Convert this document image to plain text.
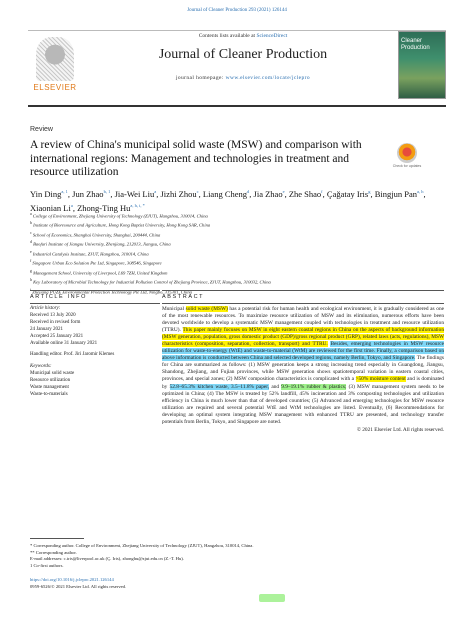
Journal of Cleaner Production 293 (2021) 126144
ELSEVIER
Contents lists available at ScienceDirect
Journal of Cleaner Production
journal homepage: www.elsevier.com/locate/jclepro
Cleaner Production
Review
A review of China's municipal solid waste (MSW) and comparison with international regions: Management and technologies in treatment and resource utilization	Check for updates
Yin Ding$^{a, 1}$, Jun Zhao$^{b, 1}$, Jia-Wei Liu$^a$, Jizhi Zhou$^c$, Liang Cheng$^d$, Jia Zhao$^e$, Zhe Shao$^f$, Çağatay Iris$^g$, Bingjun Pan$^{a, h}$, Xiaonian Li$^a$, Zhong-Ting $Hu^{a, h, i, *}$
$^a$ College of Environment, Zhejiang University of Technology (ZJUT), Hangzhou, 310014, China
$^b$ Institute of Bioresource and Agriculture, Hong Kong Baptist University, Hong Kong SAR, China
$^c$ School of Economics, Shanghai University, Shanghai, 200444, China
$^d$ Baofuri Institute of Jiangsu University, Zhenjiang, 212013, Jiangsu, China
$^e$ Industrial Catalysis Institute, ZJUT, Hangzhou, 310014, China
$^f$ Singapore Urban Eco Solution Pte Ltd, Singapore, 308546, Singapore
$^g$ Management School, University of Liverpool, L69 7ZH, United Kingdom
$^h$ Key Laboratory of Microbial Technology for Industrial Pollution Control of Zhejiang Province, ZJUT, Hangzhou, 310032, China
$^i$ Zhejiang PUZE Environmental Protection Technology Pte Ltd, Ningbo, 315301, China
ARTICLE INFO	ABSTRACT
Article history:
Received 13 July 2020
Received in revised form
24 January 2021
Accepted 25 January 2021
Available online 31 January 2021
Handling editor. Prof. Jiri Jaromir Klemes
Keywords:
Municipal solid waste
Resource utilization
Waste management
Waste-to-materials
Municipal solid waste (MSW) has a potential risk for human health and ecological environment, it is gradually considered as one of the most renewable resources. To maximize resource utilization of MSW and its elimination, numerous efforts have been devoted worldwide to develop a systematic MSW management coupled with technologies in treatment and resource utilization (TTRU). This paper mainly focuses on MSW in eight eastern coastal regions in China on the aspects of background information (MSW generation, population, gross domestic product (GDP)/gross regional product (GRP), related laws (acts, regulations), MSW characteristics (composition, separation, collection, transport) and TTRU. Besides, emerging technologies in MSW resource utilization for waste-to-energy (WtE) and waste-to-material (WtM) are reviewed for the first time. Finally, a comparison based on above information is conducted between China and selected developed regions, namely Berlin, Tokyo, and Singapore. The findings for China are summarized as follows: (1) MSW generation keeps a strong increasing trend especially in Guangdong, Jiangsu, Shandong, Zhejiang, and Fujian provinces, while MSW generation shows spatiotemporal variation in eastern coastal cities, provinces, and special zones; (2) MSW composition characteristics is complicated with a >50% moisture content and is dominated by 52.8–65.3% kitchen waste, 3.5–11.8% paper, and 9.9–19.1% rubber & plastics; (3) MSW management system needs to be optimized in China; (4) The MSW is treated by 52% landfill, 45% incineration and 3% composting technologies and utilization efficiency in China is much lower than that of developed countries; (5) Advanced and emerging technologies for MSW resource utilization are required and several potential WtE and WtM technologies are listed. Eventually, (6) Recommendations for developing an optimal system integrating MSW management with enhanced TTRU are presented, and technology transfer potentials from Berlin, Tokyo, and Singapore are noted.
© 2021 Elsevier Ltd. All rights reserved.
* Corresponding author. College of Environment, Zhejiang University of Technology (ZJUT), Hangzhou, 310014, China.
** Corresponding author.
E-mail addresses: c.iris@liverpool.ac.uk (Ç. Iris), zhonghu@zjut.edu.cn (Z.-T. Hu).
1 Co-first authors.
https://doi.org/10.1016/j.jclepro.2021.126144
0959-6526/© 2021 Elsevier Ltd. All rights reserved.
